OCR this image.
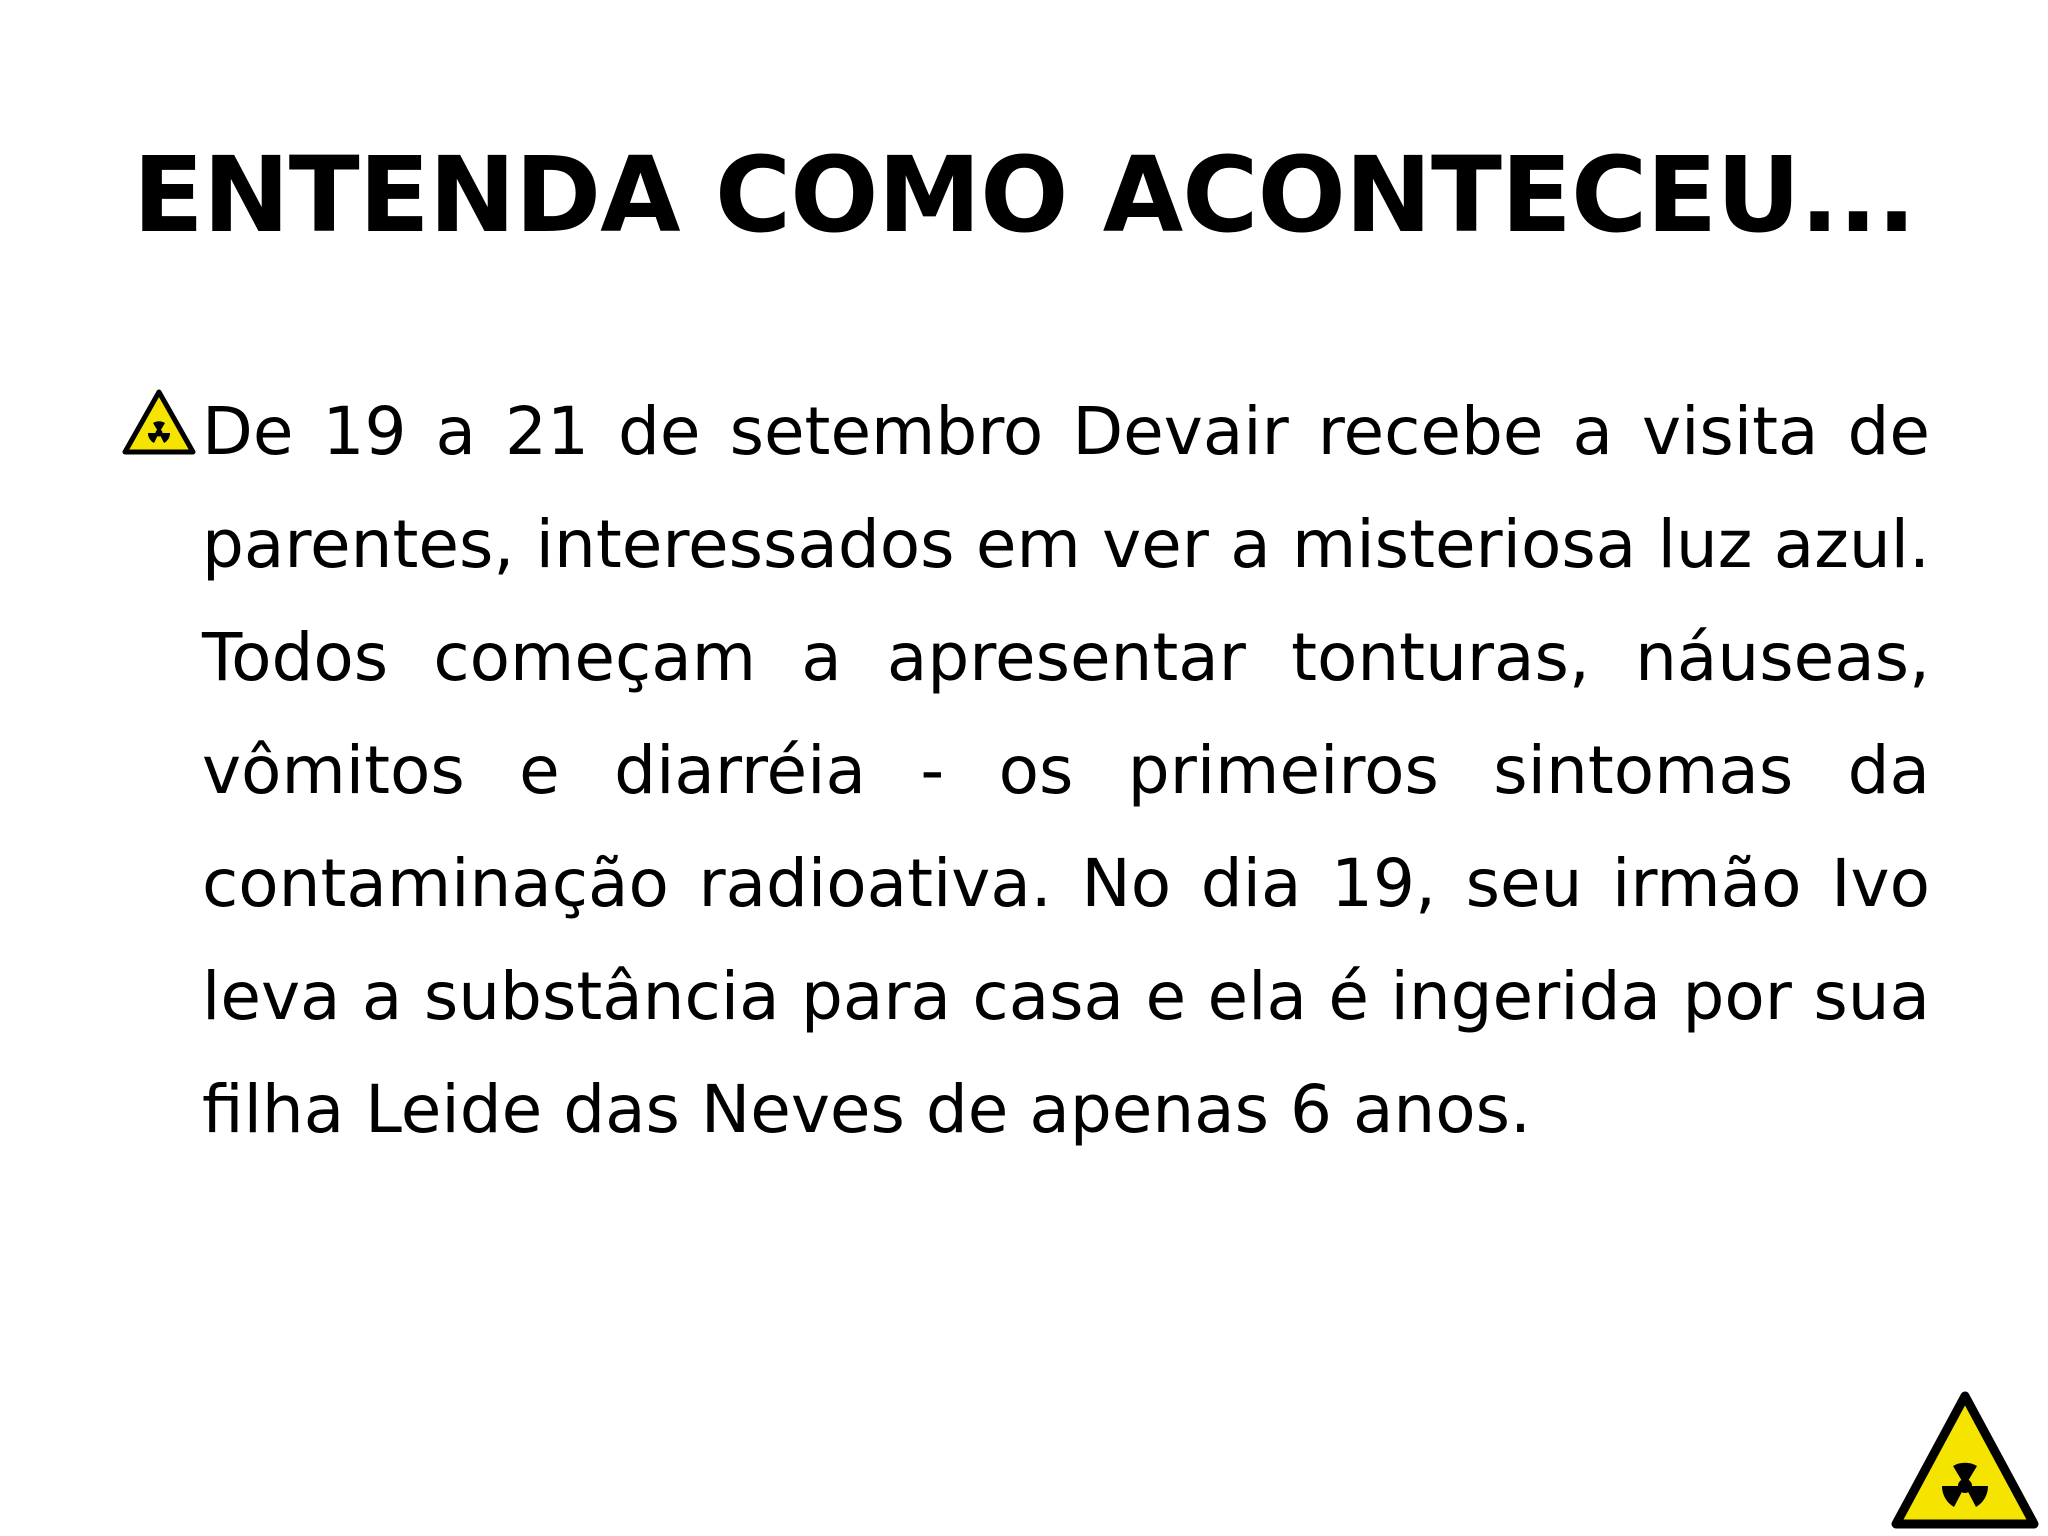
ENTENDA COMO ACONTECEU...

De 19 a 21 de setembro Devair recebe a visita de parentes, interessados em ver a misteriosa luz azul. Todos começam a apresentar tonturas, náuseas, vômitos e diarréia - os primeiros sintomas da contaminação radioativa. No dia 19, seu irmão Ivo leva a substância para casa e ela é ingerida por sua filha Leide das Neves de apenas 6 anos.
